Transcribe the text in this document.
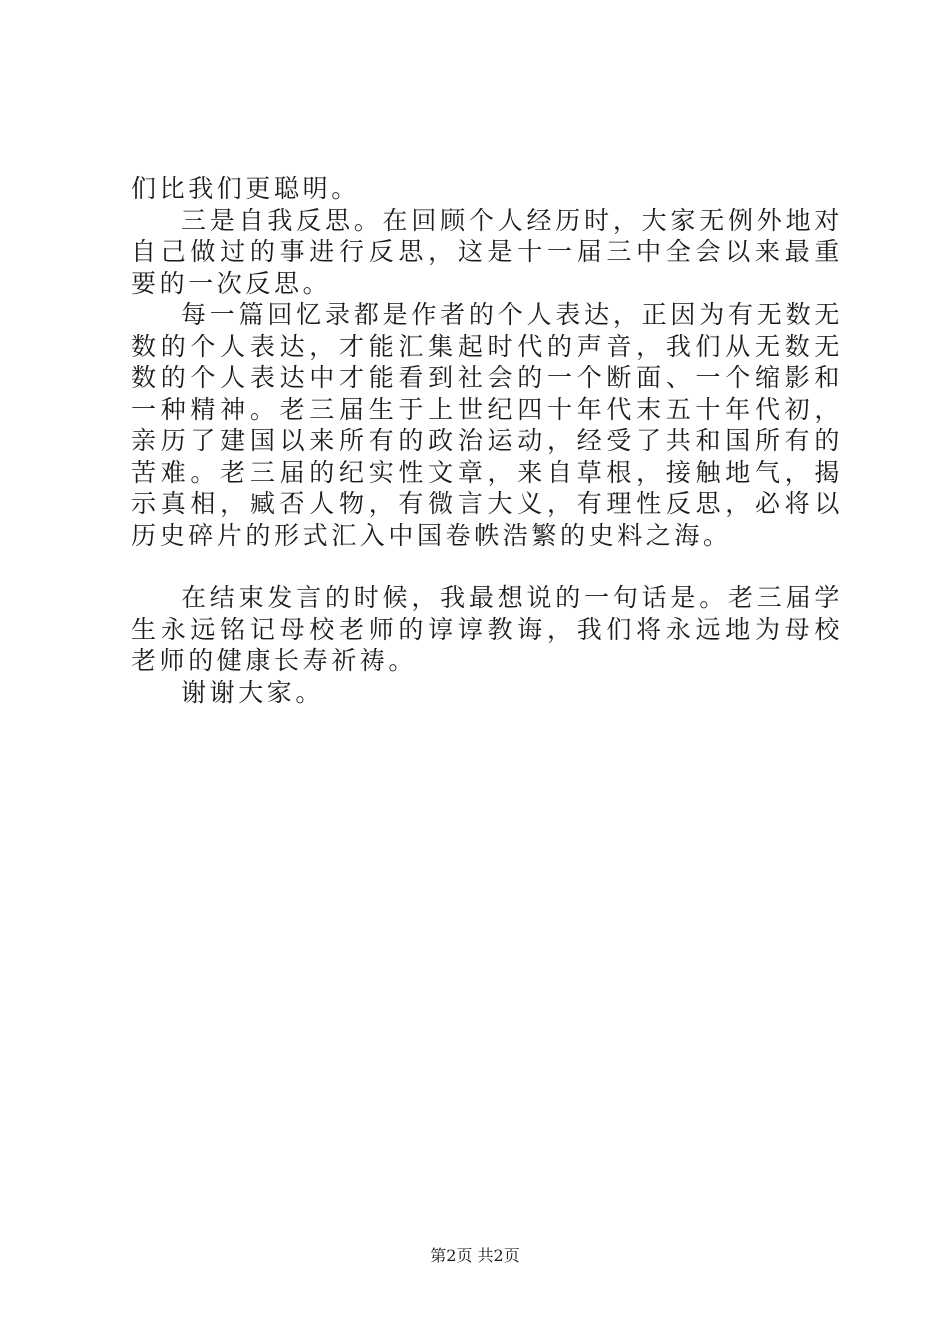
们比我们更聪明。

三是自我反思。在回顾个人经历时，大家无例外地对自己做过的事进行反思，这是十一届三中全会以来最重要的一次反思。

每一篇回忆录都是作者的个人表达，正因为有无数无数的个人表达，才能汇集起时代的声音，我们从无数无数的个人表达中才能看到社会的一个断面、一个缩影和一种精神。老三届生于上世纪四十年代末五十年代初，亲历了建国以来所有的政治运动，经受了共和国所有的苦难。老三届的纪实性文章，来自草根，接触地气，揭示真相，臧否人物，有微言大义，有理性反思，必将以历史碎片的形式汇入中国卷帙浩繁的史料之海。

在结束发言的时候，我最想说的一句话是。老三届学生永远铭记母校老师的谆谆教诲，我们将永远地为母校老师的健康长寿祈祷。

谢谢大家。

第2页 共2页
